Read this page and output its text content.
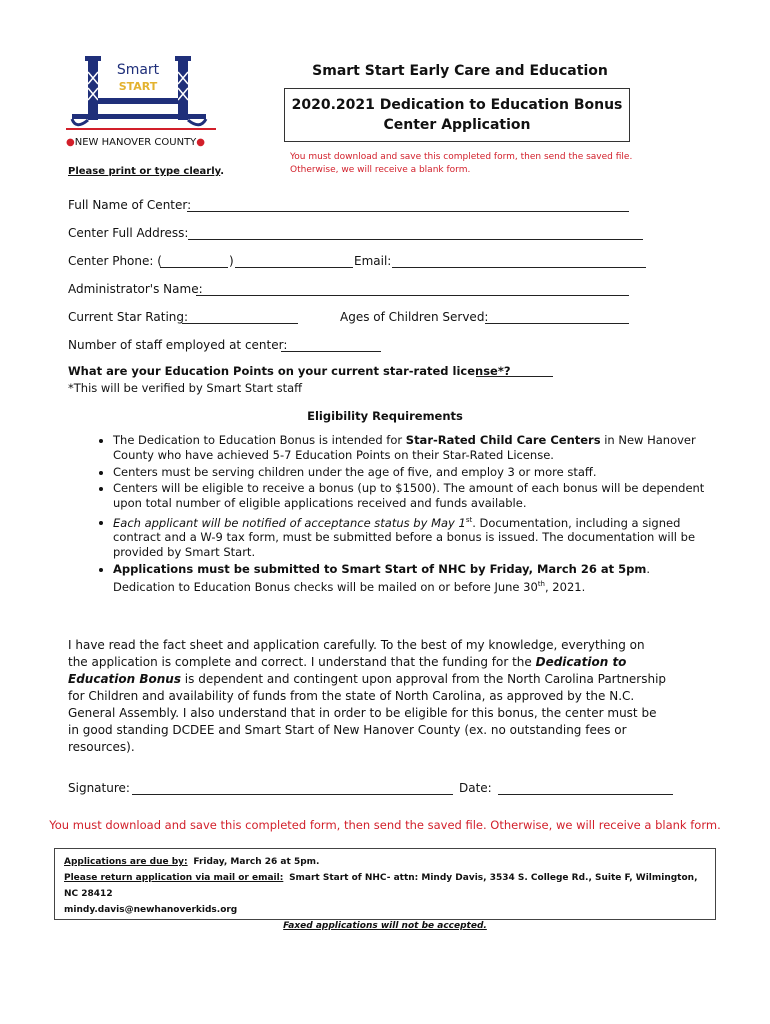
Smart
START
●NEW HANOVER COUNTY●
Please print or type clearly.
Smart Start Early Care and Education
2020.2021 Dedication to Education Bonus
Center Application
You must download and save this completed form, then send the saved file.
Otherwise, we will receive a blank form.
Full Name of Center:
Center Full Address:
Center Phone: (	)	Email:
Administrator's Name:
Current Star Rating:	Ages of Children Served:
Number of staff employed at center:
What are your Education Points on your current star-rated license*?
*This will be verified by Smart Start staff
Eligibility Requirements
• The Dedication to Education Bonus is intended for Star-Rated Child Care Centers in New Hanover County who have achieved 5-7 Education Points on their Star-Rated License.
• Centers must be serving children under the age of five, and employ 3 or more staff.
• Centers will be eligible to receive a bonus (up to $1500). The amount of each bonus will be dependent upon total number of eligible applications received and funds available.
• Each applicant will be notified of acceptance status by May 1st. Documentation, including a signed contract and a W-9 tax form, must be submitted before a bonus is issued. The documentation will be provided by Smart Start.
• Applications must be submitted to Smart Start of NHC by Friday, March 26 at 5pm.
Dedication to Education Bonus checks will be mailed on or before June 30th, 2021.
I have read the fact sheet and application carefully. To the best of my knowledge, everything on the application is complete and correct. I understand that the funding for the Dedication to Education Bonus is dependent and contingent upon approval from the North Carolina Partnership for Children and availability of funds from the state of North Carolina, as approved by the N.C. General Assembly. I also understand that in order to be eligible for this bonus, the center must be in good standing DCDEE and Smart Start of New Hanover County (ex. no outstanding fees or resources).
Signature:	Date:
You must download and save this completed form, then send the saved file. Otherwise, we will receive a blank form.
Applications are due by: Friday, March 26 at 5pm.
Please return application via mail or email: Smart Start of NHC- attn: Mindy Davis, 3534 S. College Rd., Suite F, Wilmington, NC 28412
mindy.davis@newhanoverkids.org
Faxed applications will not be accepted.
